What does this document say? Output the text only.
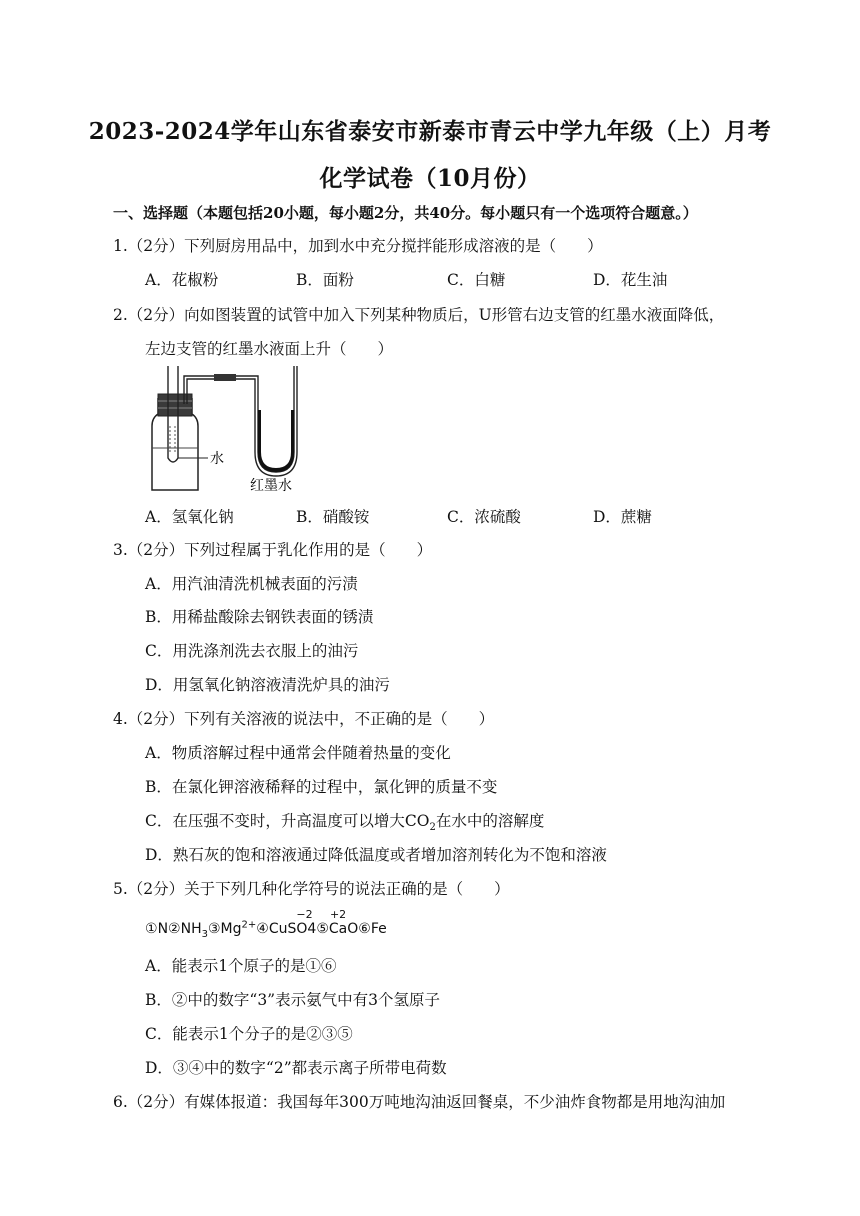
2023-2024学年山东省泰安市新泰市青云中学九年级（上）月考
化学试卷（10月份）
一、选择题（本题包括20小题，每小题2分，共40分。每小题只有一个选项符合题意。）
1.（2分）下列厨房用品中，加到水中充分搅拌能形成溶液的是（　　）
A．花椒粉	B．面粉	C．白糖	D．花生油
2.（2分）向如图装置的试管中加入下列某种物质后，U形管右边支管的红墨水液面降低，
左边支管的红墨水液面上升（　　）
水
红墨水
A．氢氧化钠	B．硝酸铵	C．浓硫酸	D．蔗糖
3.（2分）下列过程属于乳化作用的是（　　）
A．用汽油清洗机械表面的污渍
B．用稀盐酸除去钢铁表面的锈渍
C．用洗涤剂洗去衣服上的油污
D．用氢氧化钠溶液清洗炉具的油污
4.（2分）下列有关溶液的说法中，不正确的是（　　）
A．物质溶解过程中通常会伴随着热量的变化
B．在氯化钾溶液稀释的过程中，氯化钾的质量不变
C．在压强不变时，升高温度可以增大$CO_2$在水中的溶解度
D．熟石灰的饱和溶液通过降低温度或者增加溶剂转化为不饱和溶液
5.（2分）关于下列几种化学符号的说法正确的是（　　）
$①N②NH_3③Mg^{2+}④CuS$
−2
O4⑤
+2
CaO⑥Fe
A．能表示1个原子的是①⑥
B．②中的数字“3”表示氨气中有3个氢原子
C．能表示1个分子的是②③⑤
D．③④中的数字“2”都表示离子所带电荷数
6.（2分）有媒体报道：我国每年300万吨地沟油返回餐桌，不少油炸食物都是用地沟油加
